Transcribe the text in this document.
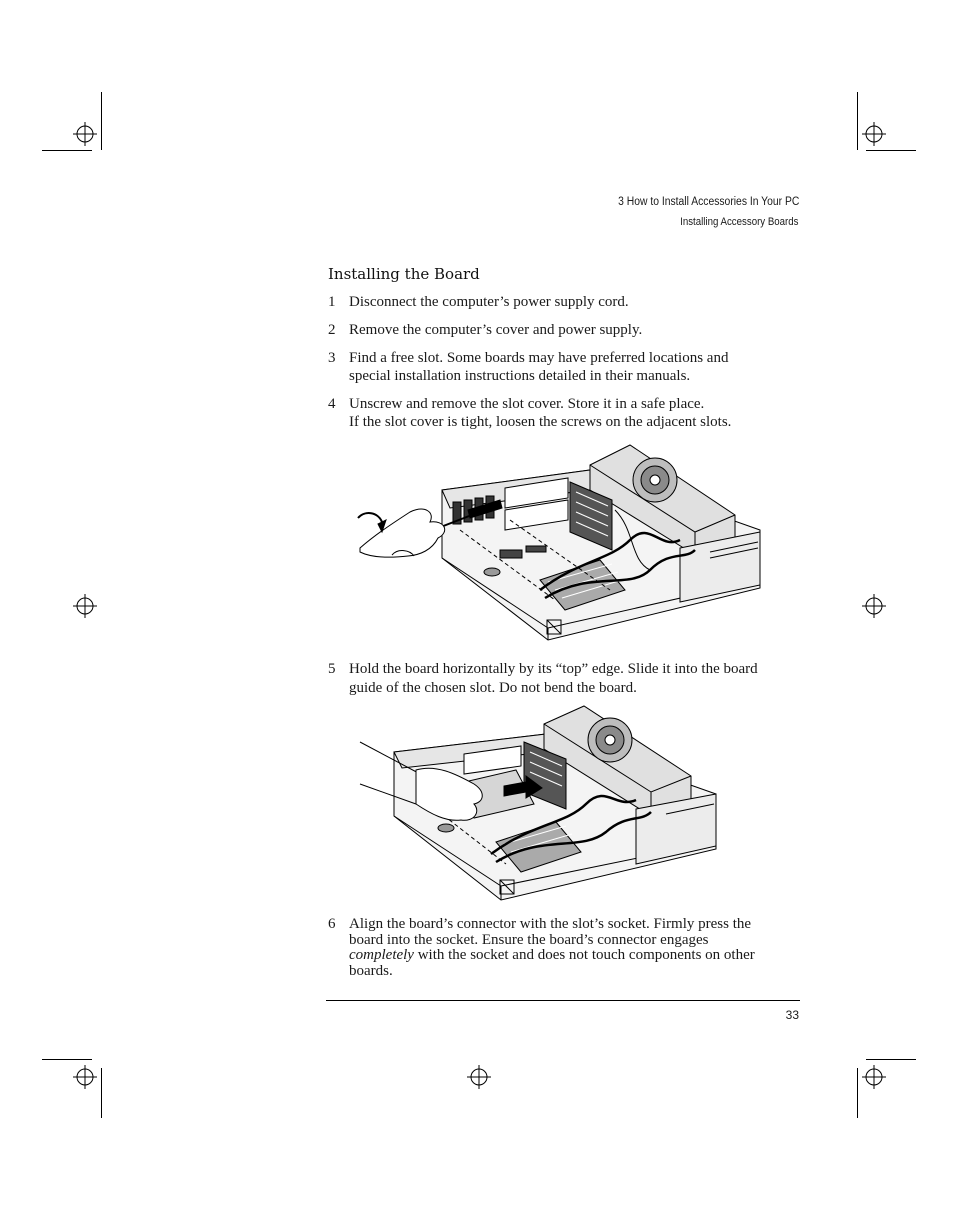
3 How to Install Accessories In Your PC
Installing Accessory Boards
Installing the Board
1 Disconnect the computer’s power supply cord.
2 Remove the computer’s cover and power supply.
3 Find a free slot. Some boards may have preferred locations and
special installation instructions detailed in their manuals.
4 Unscrew and remove the slot cover. Store it in a safe place.
If the slot cover is tight, loosen the screws on the adjacent slots.
5 Hold the board horizontally by its “top” edge. Slide it into the board
guide of the chosen slot. Do not bend the board.
6 Align the board’s connector with the slot’s socket. Firmly press the
board into the socket. Ensure the board’s connector engages
completely with the socket and does not touch components on other
boards.
33
